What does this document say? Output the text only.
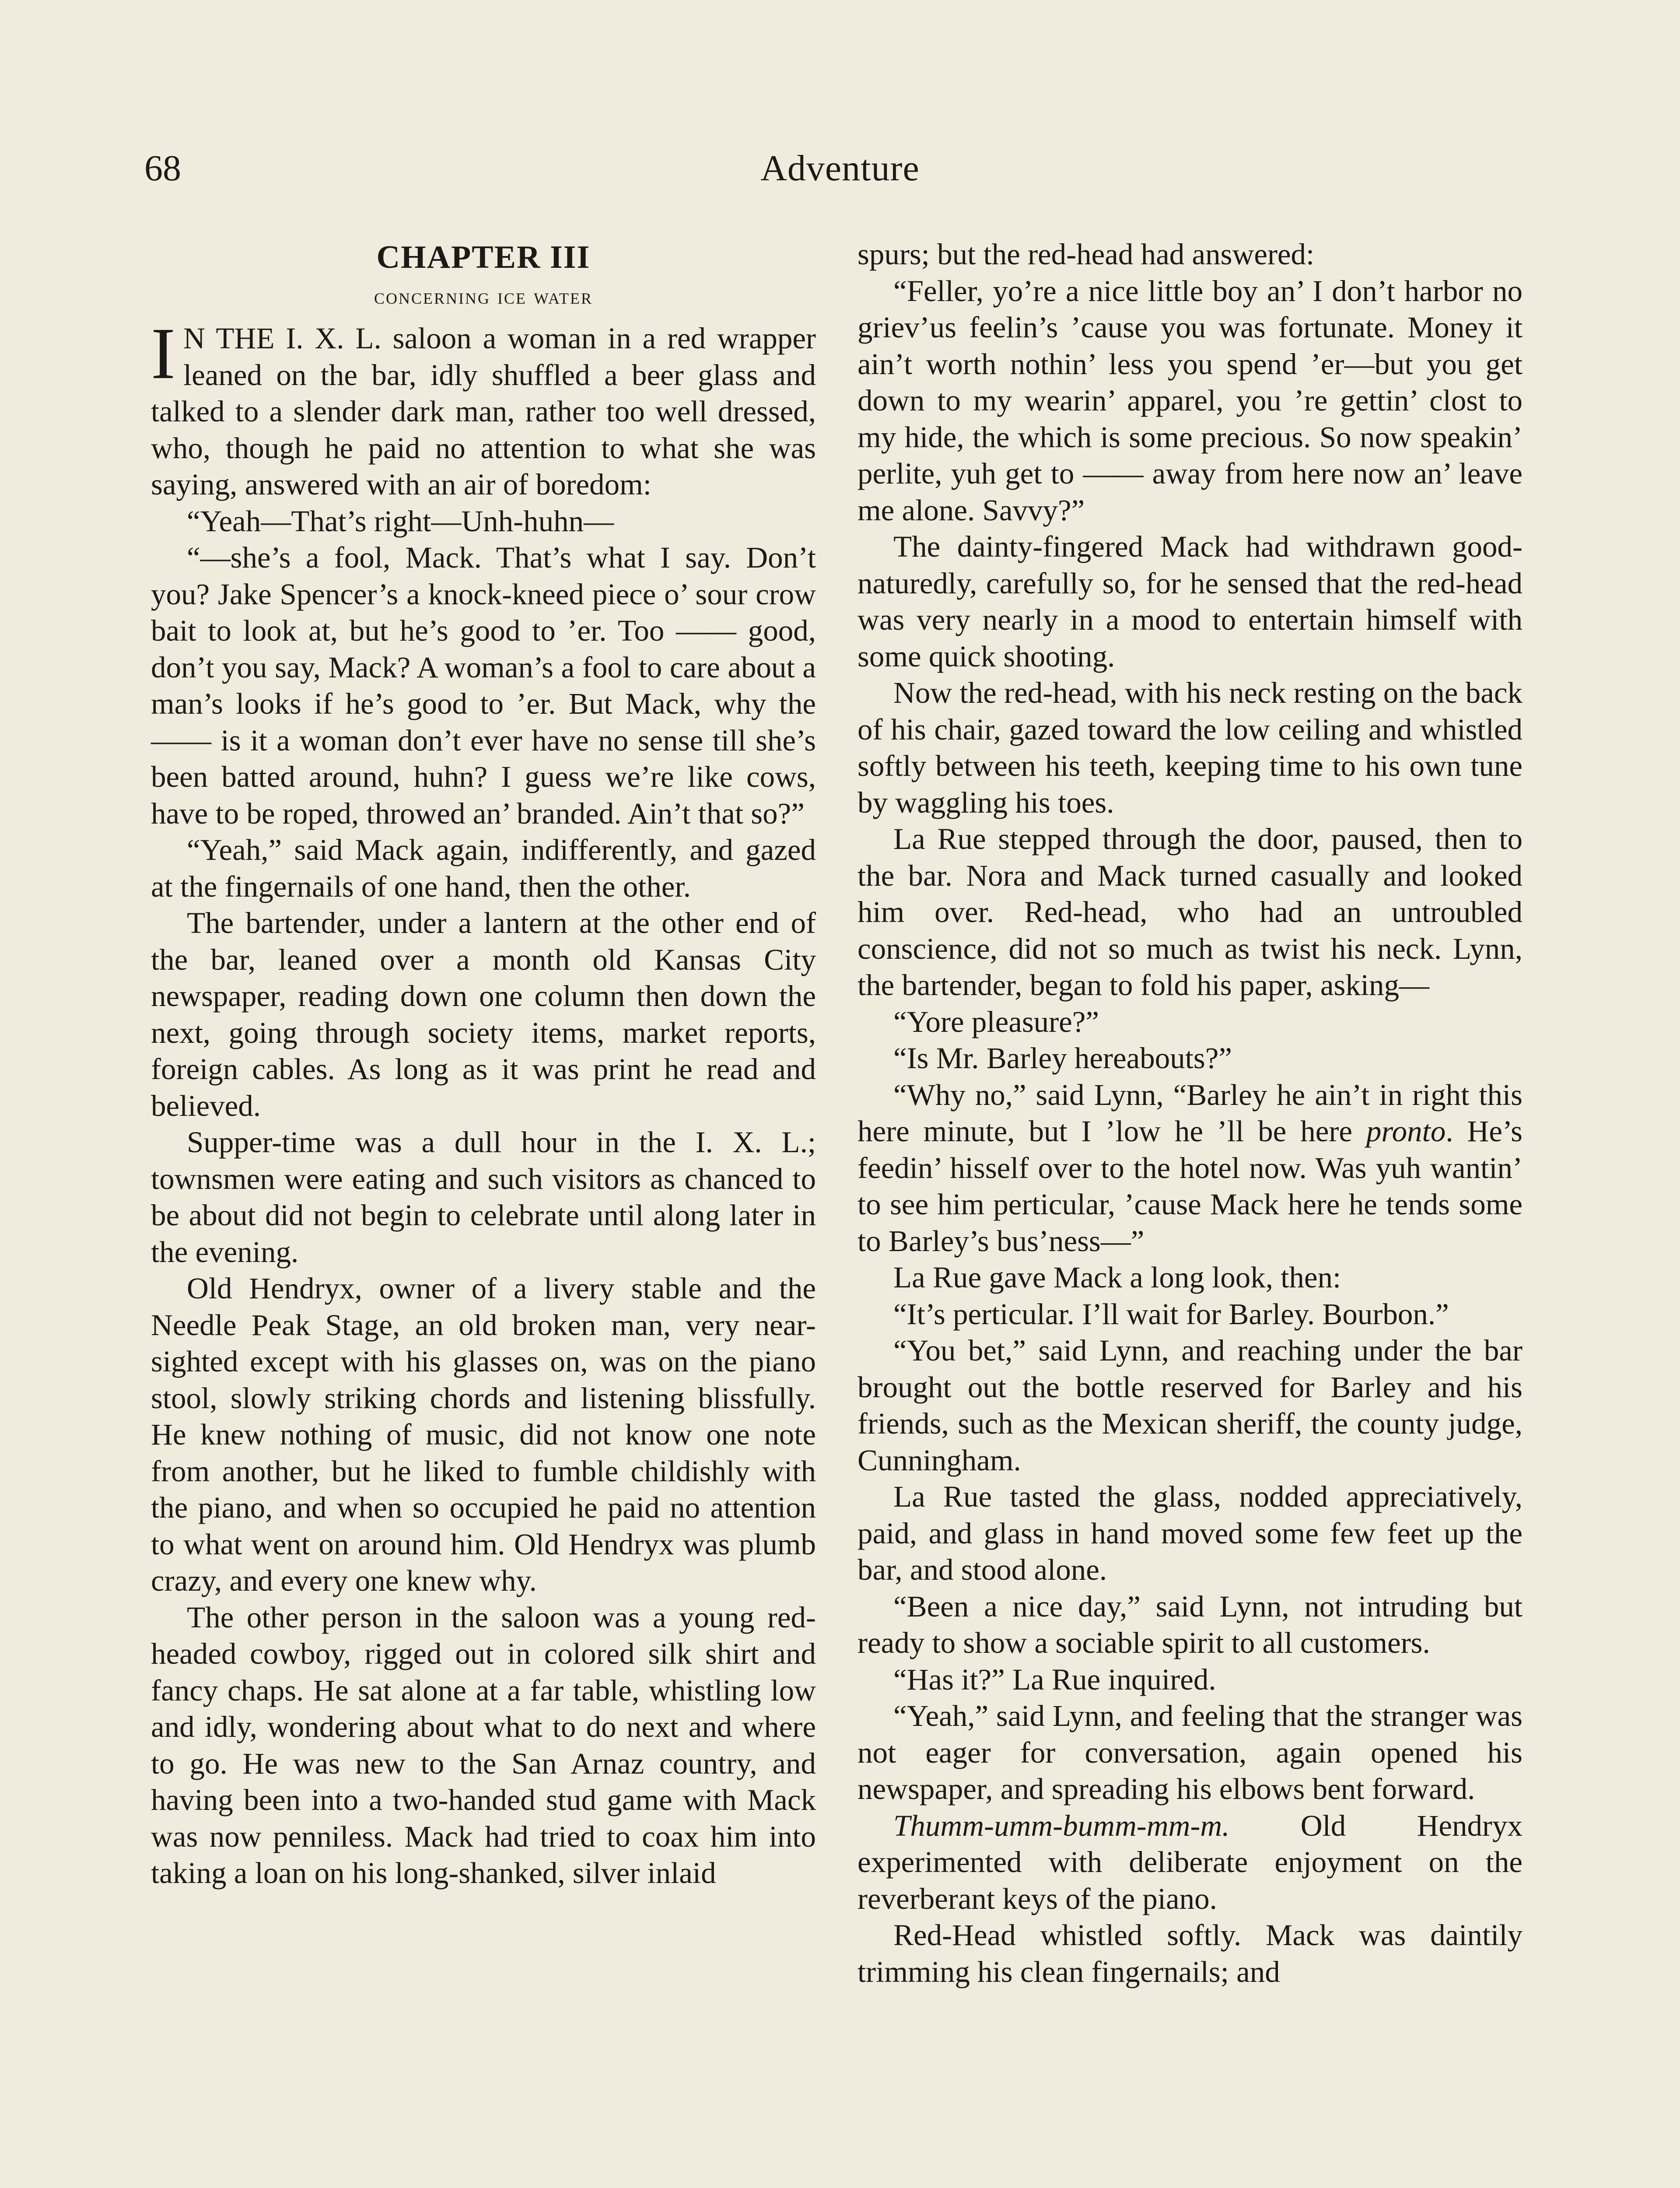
68	Adventure
CHAPTER III
concerning ice water

I N THE I. X. L. saloon a woman in a red wrapper leaned on the bar, idly shuffled a beer glass and talked to a slender dark man, rather too well dressed, who, though he paid no attention to what she was saying, answered with an air of boredom:

“Yeah—That’s right—Unh-huhn—

“—she’s a fool, Mack. That’s what I say. Don’t you? Jake Spencer’s a knock-kneed piece o’ sour crow bait to look at, but he’s good to ’er. Too —— good, don’t you say, Mack? A woman’s a fool to care about a man’s looks if he’s good to ’er. But Mack, why the —— is it a woman don’t ever have no sense till she’s been batted around, huhn? I guess we’re like cows, have to be roped, throwed an’ branded. Ain’t that so?”

“Yeah,” said Mack again, indifferently, and gazed at the fingernails of one hand, then the other.

The bartender, under a lantern at the other end of the bar, leaned over a month old Kansas City newspaper, reading down one column then down the next, going through society items, market reports, foreign cables. As long as it was print he read and believed.

Supper-time was a dull hour in the I. X. L.; townsmen were eating and such visitors as chanced to be about did not begin to celebrate until along later in the evening.

Old Hendryx, owner of a livery stable and the Needle Peak Stage, an old broken man, very near-sighted except with his glasses on, was on the piano stool, slowly striking chords and listening blissfully. He knew nothing of music, did not know one note from another, but he liked to fumble childishly with the piano, and when so occupied he paid no attention to what went on around him. Old Hendryx was plumb crazy, and every one knew why.

The other person in the saloon was a young red-headed cowboy, rigged out in colored silk shirt and fancy chaps. He sat alone at a far table, whistling low and idly, wondering about what to do next and where to go. He was new to the San Arnaz country, and having been into a two-handed stud game with Mack was now penniless. Mack had tried to coax him into taking a loan on his long-shanked, silver inlaid

spurs; but the red-head had answered:

“Feller, yo’re a nice little boy an’ I don’t harbor no griev’us feelin’s ’cause you was fortunate. Money it ain’t worth nothin’ less you spend ’er—but you get down to my wearin’ apparel, you ’re gettin’ clost to my hide, the which is some precious. So now speakin’ perlite, yuh get to —— away from here now an’ leave me alone. Savvy?”

The dainty-fingered Mack had withdrawn good-naturedly, carefully so, for he sensed that the red-head was very nearly in a mood to entertain himself with some quick shooting.

Now the red-head, with his neck resting on the back of his chair, gazed toward the low ceiling and whistled softly between his teeth, keeping time to his own tune by waggling his toes.

La Rue stepped through the door, paused, then to the bar. Nora and Mack turned casually and looked him over. Red-head, who had an untroubled conscience, did not so much as twist his neck. Lynn, the bartender, began to fold his paper, asking—

“Yore pleasure?”

“Is Mr. Barley hereabouts?”

“Why no,” said Lynn, “Barley he ain’t in right this here minute, but I ’low he ’ll be here pronto. He’s feedin’ hisself over to the hotel now. Was yuh wantin’ to see him perticular, ’cause Mack here he tends some to Barley’s bus’ness—”

La Rue gave Mack a long look, then:

“It’s perticular. I’ll wait for Barley. Bourbon.”

“You bet,” said Lynn, and reaching under the bar brought out the bottle reserved for Barley and his friends, such as the Mexican sheriff, the county judge, Cunningham.

La Rue tasted the glass, nodded appreciatively, paid, and glass in hand moved some few feet up the bar, and stood alone.

“Been a nice day,” said Lynn, not intruding but ready to show a sociable spirit to all customers.

“Has it?” La Rue inquired.

“Yeah,” said Lynn, and feeling that the stranger was not eager for conversation, again opened his newspaper, and spreading his elbows bent forward.

Thumm-umm-bumm-mm-m. Old Hendryx experimented with deliberate enjoyment on the reverberant keys of the piano.

Red-Head whistled softly. Mack was daintily trimming his clean fingernails; and
